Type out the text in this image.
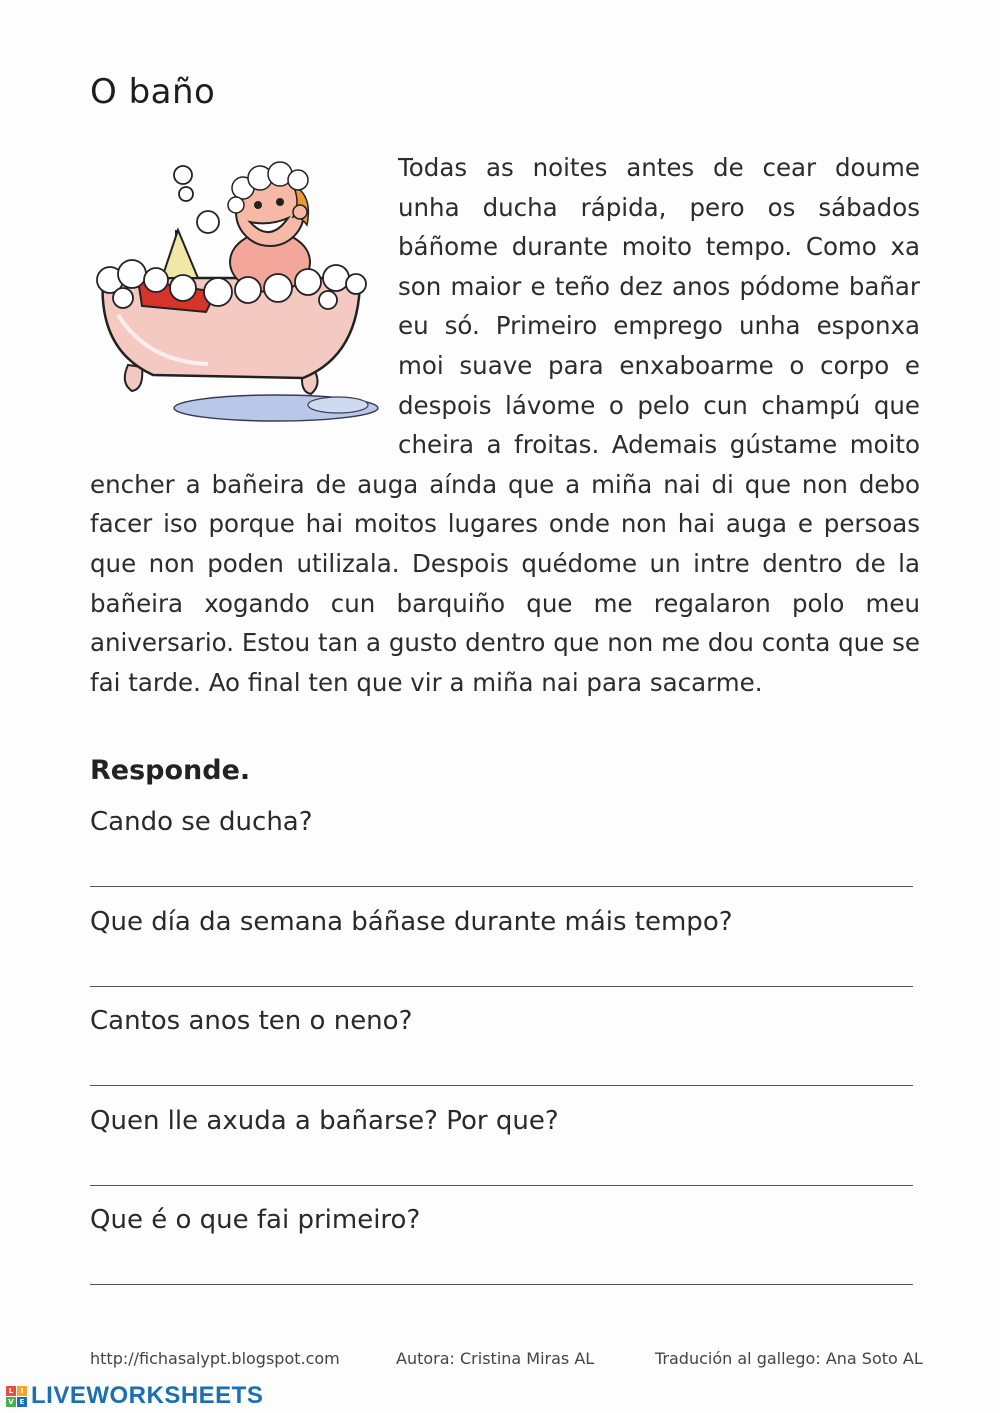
O baño
Todas as noites antes de cear doume unha ducha rápida, pero os sábados báñome durante moito tempo. Como xa son maior e teño dez anos pódome bañar eu só. Primeiro emprego unha esponxa moi suave para enxaboarme o corpo e despois lávome o pelo cun champú que cheira a froitas. Ademais gústame moito encher a bañeira de auga aínda que a miña nai di que non debo facer iso porque hai moitos lugares onde non hai auga e persoas que non poden utilizala. Despois quédome un intre dentro de la bañeira xogando cun barquiño que me regalaron polo meu aniversario. Estou tan a gusto dentro que non me dou conta que se fai tarde. Ao final ten que vir a miña nai para sacarme.
Responde.
Cando se ducha?
Que día da semana báñase durante máis tempo?
Cantos anos ten o neno?
Quen lle axuda a bañarse? Por que?
Que é o que fai primeiro?
http://fichasalypt.blogspot.com	Autora: Cristina Miras AL	Tradución al gallego: Ana Soto AL
L	I
V E LIVEWORKSHEETS
